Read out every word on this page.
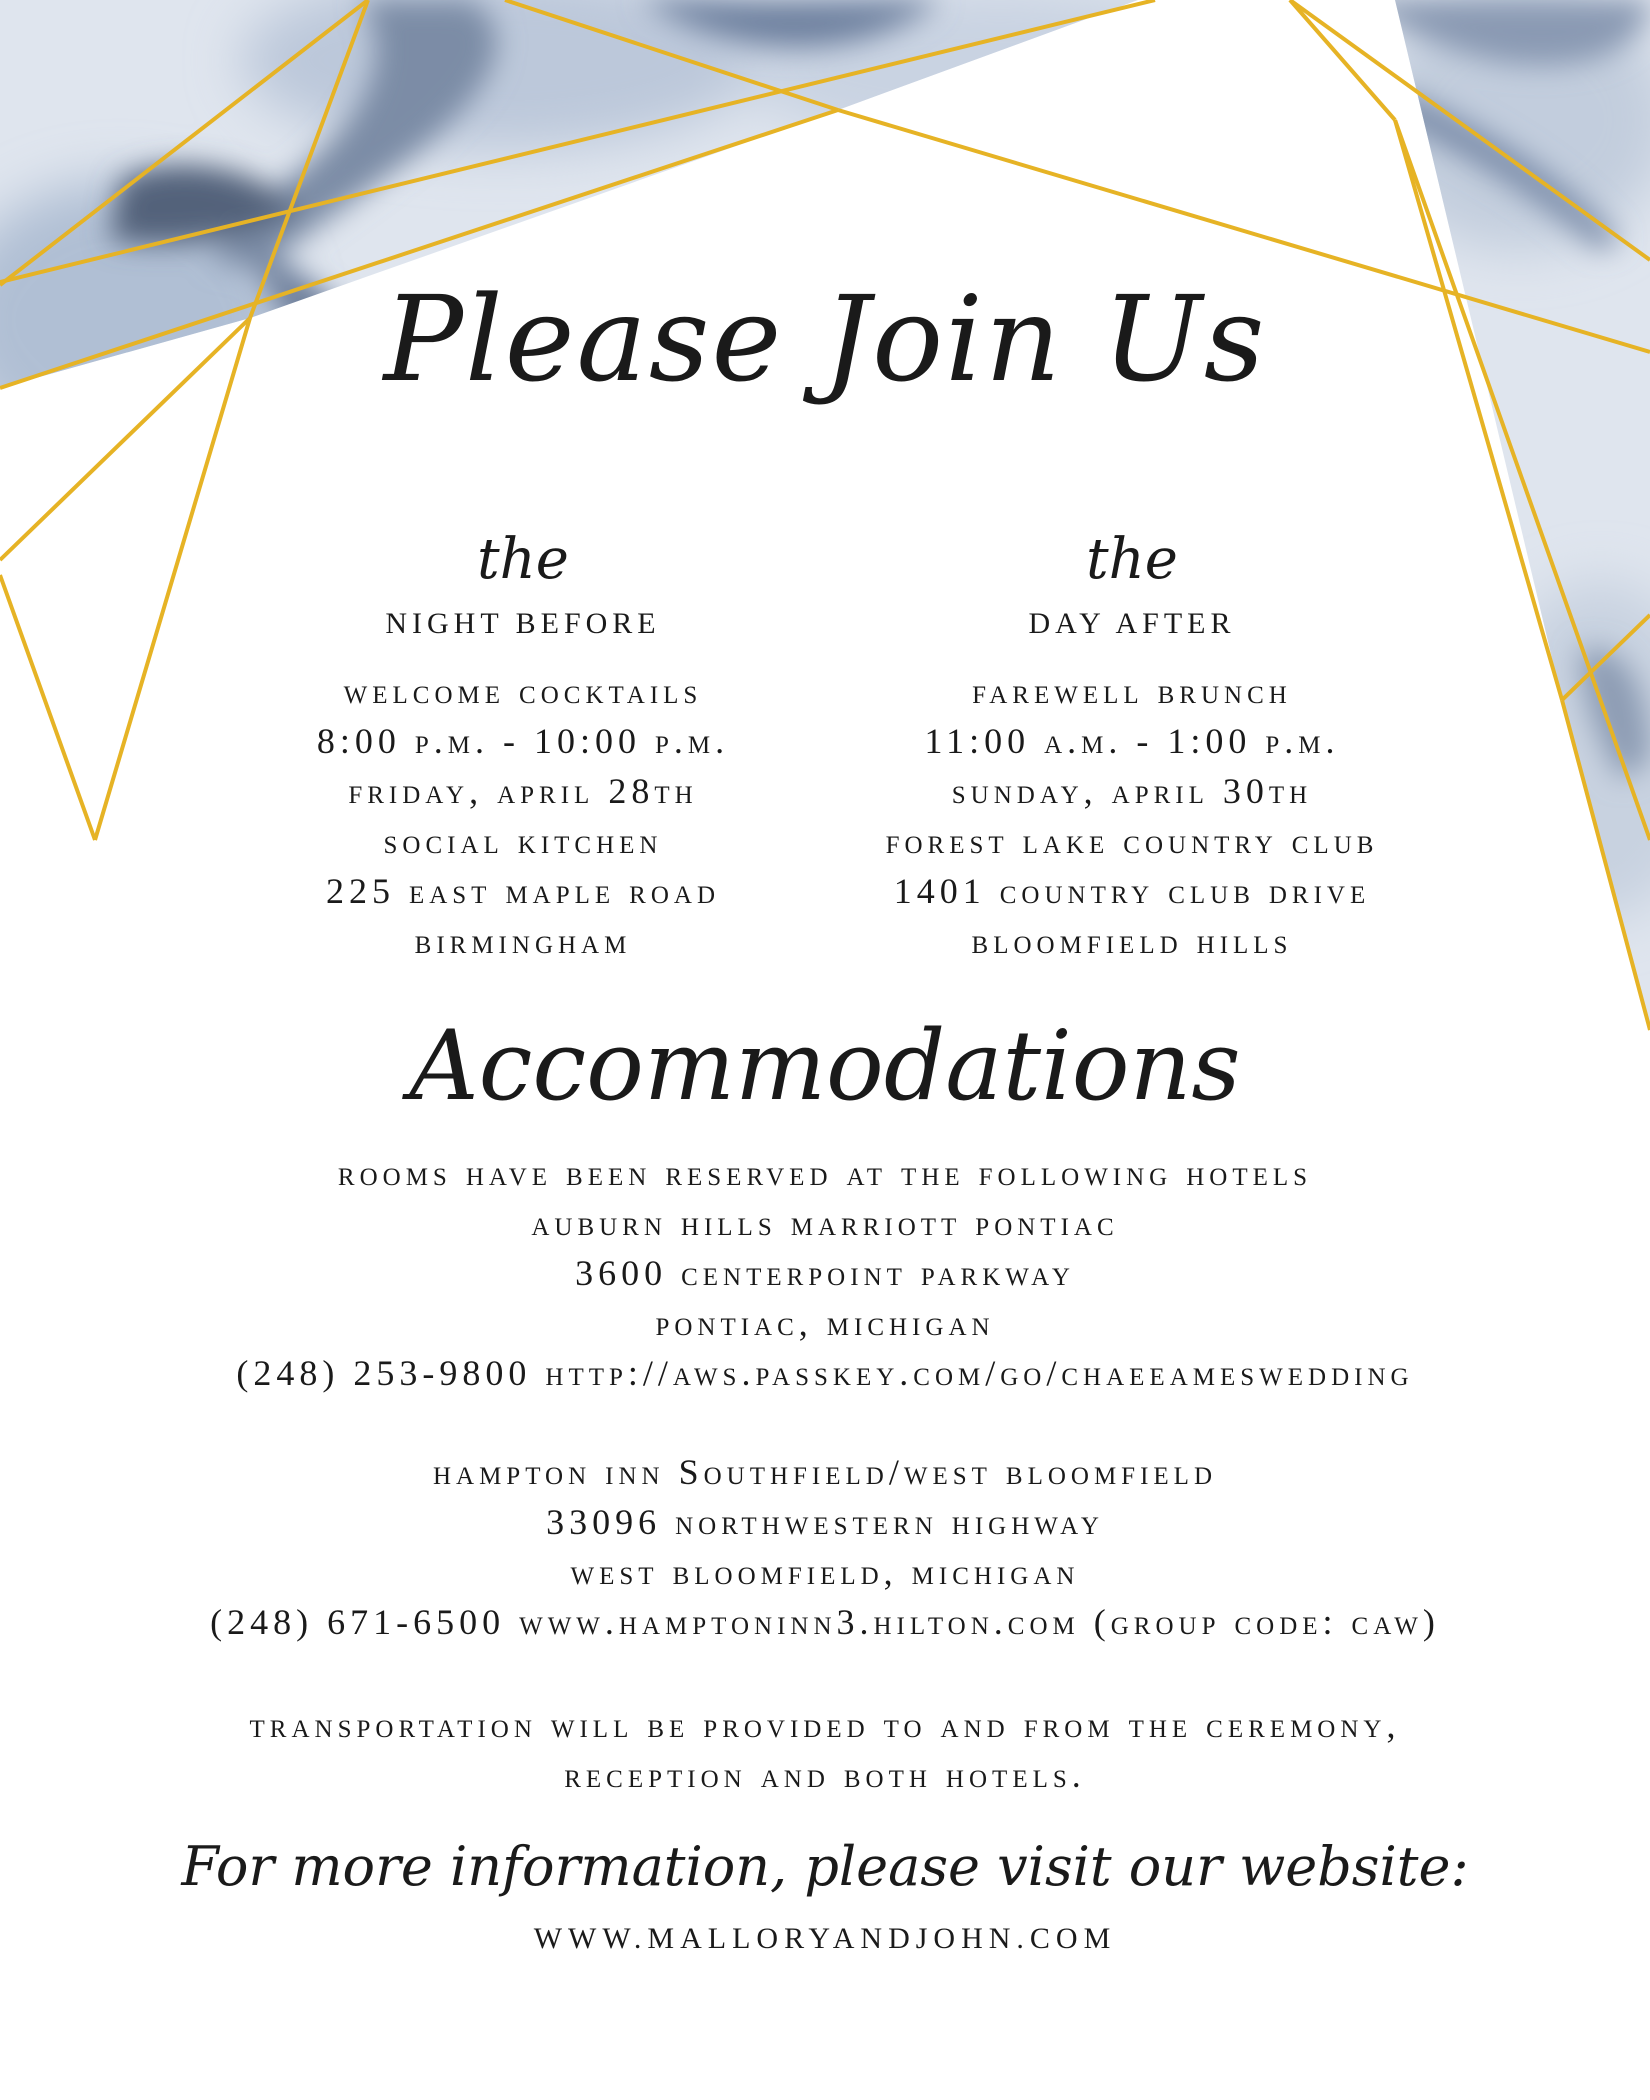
Please Join Us
the
NIGHT BEFORE
welcome cocktails
8:00 p.m. - 10:00 p.m.
friday, april 28th
social kitchen
225 east maple road
birmingham
the
DAY AFTER
farewell brunch
11:00 a.m. - 1:00 p.m.
sunday, april 30th
forest lake country club
1401 country club drive
bloomfield hills
Accommodations
rooms have been reserved at the following hotels
auburn hills marriott pontiac
3600 centerpoint parkway
pontiac, michigan
(248) 253-9800 http://aws.passkey.com/go/chaeeameswedding
hampton inn Southfield/west bloomfield
33096 northwestern highway
west bloomfield, michigan
(248) 671-6500 www.hamptoninn3.hilton.com (group code: caw)
transportation will be provided to and from the ceremony,
reception and both hotels.
For more information, please visit our website:
WWW.MALLORYANDJOHN.COM
